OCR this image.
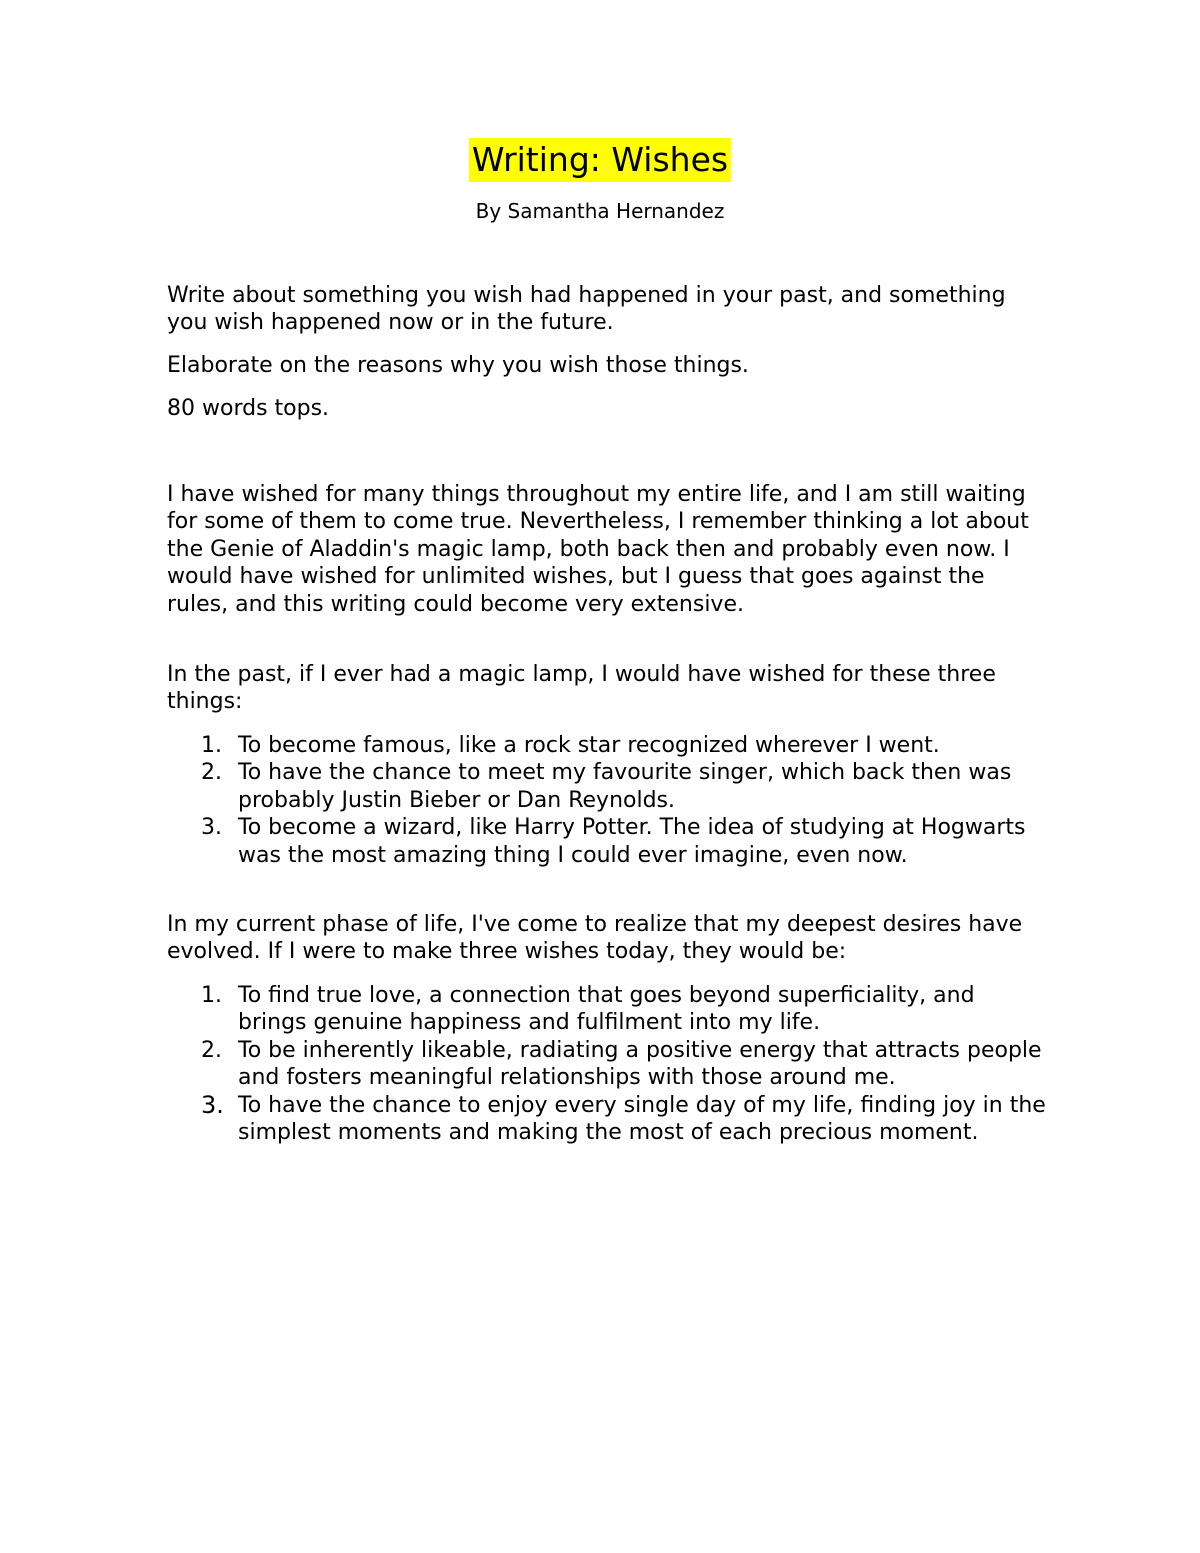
Writing: Wishes
By Samantha Hernandez

Write about something you wish had happened in your past, and something you wish happened now or in the future.

Elaborate on the reasons why you wish those things.

80 words tops.

I have wished for many things throughout my entire life, and I am still waiting for some of them to come true. Nevertheless, I remember thinking a lot about the Genie of Aladdin's magic lamp, both back then and probably even now. I would have wished for unlimited wishes, but I guess that goes against the rules, and this writing could become very extensive.

In the past, if I ever had a magic lamp, I would have wished for these three things:

1. To become famous, like a rock star recognized wherever I went.
2. To have the chance to meet my favourite singer, which back then was probably Justin Bieber or Dan Reynolds.
3. To become a wizard, like Harry Potter. The idea of studying at Hogwarts was the most amazing thing I could ever imagine, even now.

In my current phase of life, I've come to realize that my deepest desires have evolved. If I were to make three wishes today, they would be:

1. To find true love, a connection that goes beyond superficiality, and brings genuine happiness and fulfilment into my life.
2. To be inherently likeable, radiating a positive energy that attracts people and fosters meaningful relationships with those around me.
3. To have the chance to enjoy every single day of my life, finding joy in the simplest moments and making the most of each precious moment.
